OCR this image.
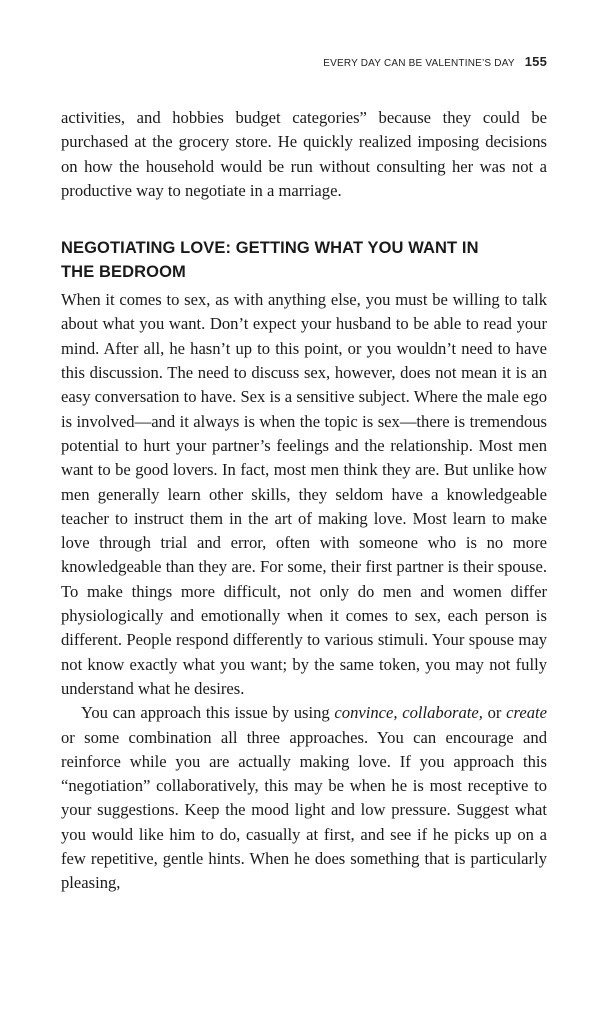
EVERY DAY CAN BE VALENTINE’S DAY 155

activities, and hobbies budget categories” because they could be purchased at the grocery store. He quickly realized imposing decisions on how the household would be run without consulting her was not a productive way to negotiate in a marriage.

NEGOTIATING LOVE: GETTING WHAT YOU WANT IN
THE BEDROOM

When it comes to sex, as with anything else, you must be willing to talk about what you want. Don’t expect your husband to be able to read your mind. After all, he hasn’t up to this point, or you wouldn’t need to have this discussion. The need to discuss sex, however, does not mean it is an easy conversation to have. Sex is a sensitive subject. Where the male ego is involved—and it always is when the topic is sex—there is tremendous potential to hurt your partner’s feelings and the relationship. Most men want to be good lovers. In fact, most men think they are. But unlike how men generally learn other skills, they seldom have a knowledgeable teacher to instruct them in the art of making love. Most learn to make love through trial and error, often with someone who is no more knowledgeable than they are. For some, their first partner is their spouse. To make things more difficult, not only do men and women differ physiologically and emotionally when it comes to sex, each person is different. People respond differently to various stimuli. Your spouse may not know exactly what you want; by the same token, you may not fully understand what he desires.

You can approach this issue by using convince, collaborate, or create or some combination all three approaches. You can encourage and reinforce while you are actually making love. If you approach this “negotiation” collaboratively, this may be when he is most receptive to your suggestions. Keep the mood light and low pressure. Suggest what you would like him to do, casually at first, and see if he picks up on a few repetitive, gentle hints. When he does something that is particularly pleasing,
